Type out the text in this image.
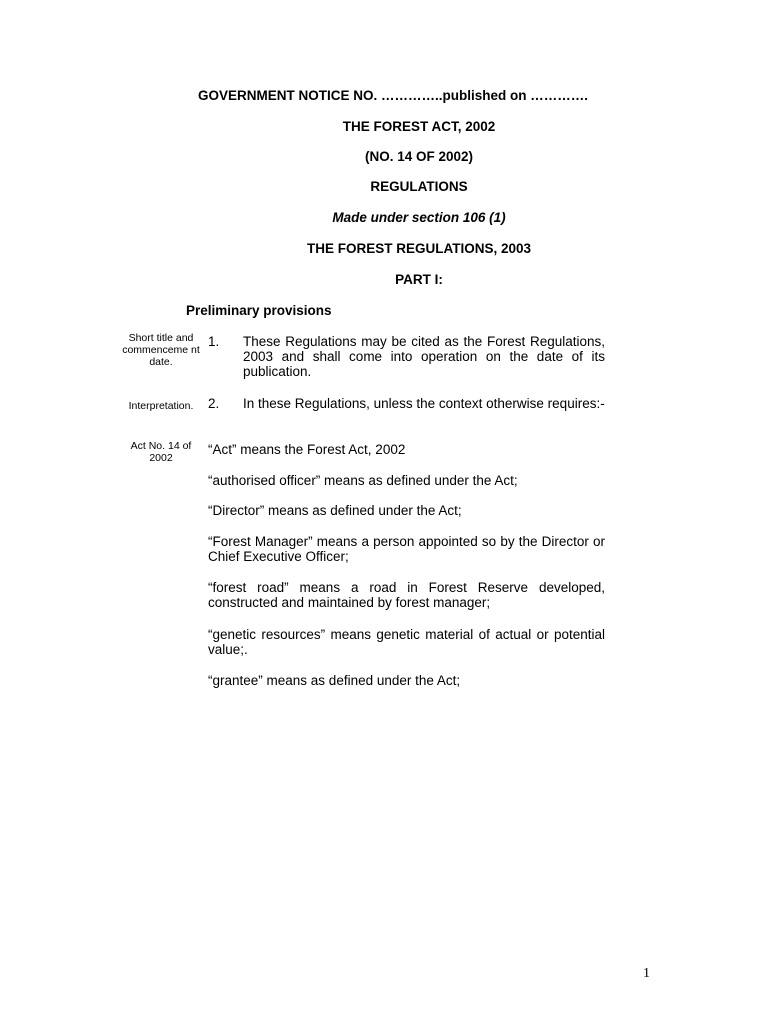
GOVERNMENT NOTICE NO. …………..published on ………….
THE FOREST ACT, 2002
(NO. 14 OF 2002)
REGULATIONS
Made under section 106 (1)
THE FOREST REGULATIONS, 2003
PART I:
Preliminary provisions
Short title and commenceme nt date.
1. These Regulations may be cited as the Forest Regulations, 2003 and shall come into operation on the date of its publication.
Interpretation.	2. In these Regulations, unless the context otherwise requires:-
Act No. 14 of 2002
“Act” means the Forest Act, 2002
“authorised officer” means as defined under the Act;
“Director” means as defined under the Act;
“Forest Manager” means a person appointed so by the Director or Chief Executive Officer;
“forest road” means a road in Forest Reserve developed, constructed and maintained by forest manager;
“genetic resources” means genetic material of actual or potential value;.
“grantee” means as defined under the Act;
1
